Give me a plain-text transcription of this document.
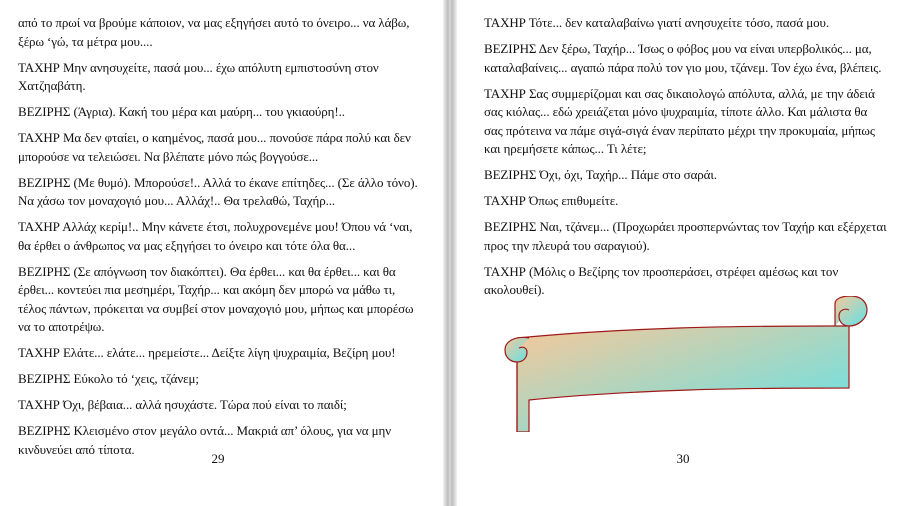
από το πρωί να βρούμε κάποιον, να μας εξηγήσει αυτό το όνειρο... να λάβω, ξέρω ‘γώ, τα μέτρα μου....

ΤΑΧΗΡ Μην ανησυχείτε, πασά μου... έχω απόλυτη εμπιστοσύνη στον Χατζηαβάτη.

ΒΕΖΙΡΗΣ (Άγρια). Κακή του μέρα και μαύρη... του γκιαούρη!..

ΤΑΧΗΡ Μα δεν φταίει, ο καημένος, πασά μου... πονούσε πάρα πολύ και δεν μπορούσε να τελειώσει. Να βλέπατε μόνο πώς βογγούσε...

ΒΕΖΙΡΗΣ (Με θυμό). Μπορούσε!.. Αλλά το έκανε επίτηδες... (Σε άλλο τόνο). Να χάσω τον μοναχογιό μου... Αλλάχ!.. Θα τρελαθώ, Ταχήρ...

ΤΑΧΗΡ Αλλάχ κερίμ!.. Μην κάνετε έτσι, πολυχρονεμένε μου! Όπου νά ‘ναι, θα έρθει ο άνθρωπος να μας εξηγήσει το όνειρο και τότε όλα θα...

ΒΕΖΙΡΗΣ (Σε απόγνωση τον διακόπτει). Θα έρθει... και θα έρθει... και θα έρθει... κοντεύει πια μεσημέρι, Ταχήρ... και ακόμη δεν μπορώ να μάθω τι, τέλος πάντων, πρόκειται να συμβεί στον μοναχογιό μου, μήπως και μπορέσω να το αποτρέψω.

ΤΑΧΗΡ Ελάτε... ελάτε... ηρεμείστε... Δείξτε λίγη ψυχραιμία, Βεζίρη μου!

ΒΕΖΙΡΗΣ Εύκολο τό ‘χεις, τζάνεμ;

ΤΑΧΗΡ Όχι, βέβαια... αλλά ησυχάστε. Τώρα πού είναι το παιδί;

ΒΕΖΙΡΗΣ Κλεισμένο στον μεγάλο οντά... Μακριά απ’ όλους, για να μην κινδυνεύει από τίποτα.

29

ΤΑΧΗΡ Τότε... δεν καταλαβαίνω γιατί ανησυχείτε τόσο, πασά μου.

ΒΕΖΙΡΗΣ Δεν ξέρω, Ταχήρ... Ίσως ο φόβος μου να είναι υπερβολικός... μα, καταλαβαίνεις... αγαπώ πάρα πολύ τον γιο μου, τζάνεμ. Τον έχω ένα, βλέπεις.

ΤΑΧΗΡ Σας συμμερίζομαι και σας δικαιολογώ απόλυτα, αλλά, με την άδειά σας κιόλας... εδώ χρειάζεται μόνο ψυχραιμία, τίποτε άλλο. Και μάλιστα θα σας πρότεινα να πάμε σιγά-σιγά έναν περίπατο μέχρι την προκυμαία, μήπως και ηρεμήσετε κάπως... Τι λέτε;

ΒΕΖΙΡΗΣ Όχι, όχι, Ταχήρ... Πάμε στο σαράι.

ΤΑΧΗΡ Όπως επιθυμείτε.

ΒΕΖΙΡΗΣ Ναι, τζάνεμ... (Προχωράει προσπερνώντας τον Ταχήρ και εξέρχεται προς την πλευρά του σαραγιού).

ΤΑΧΗΡ (Μόλις ο Βεζίρης τον προσπεράσει, στρέφει αμέσως και τον ακολουθεί).

30
